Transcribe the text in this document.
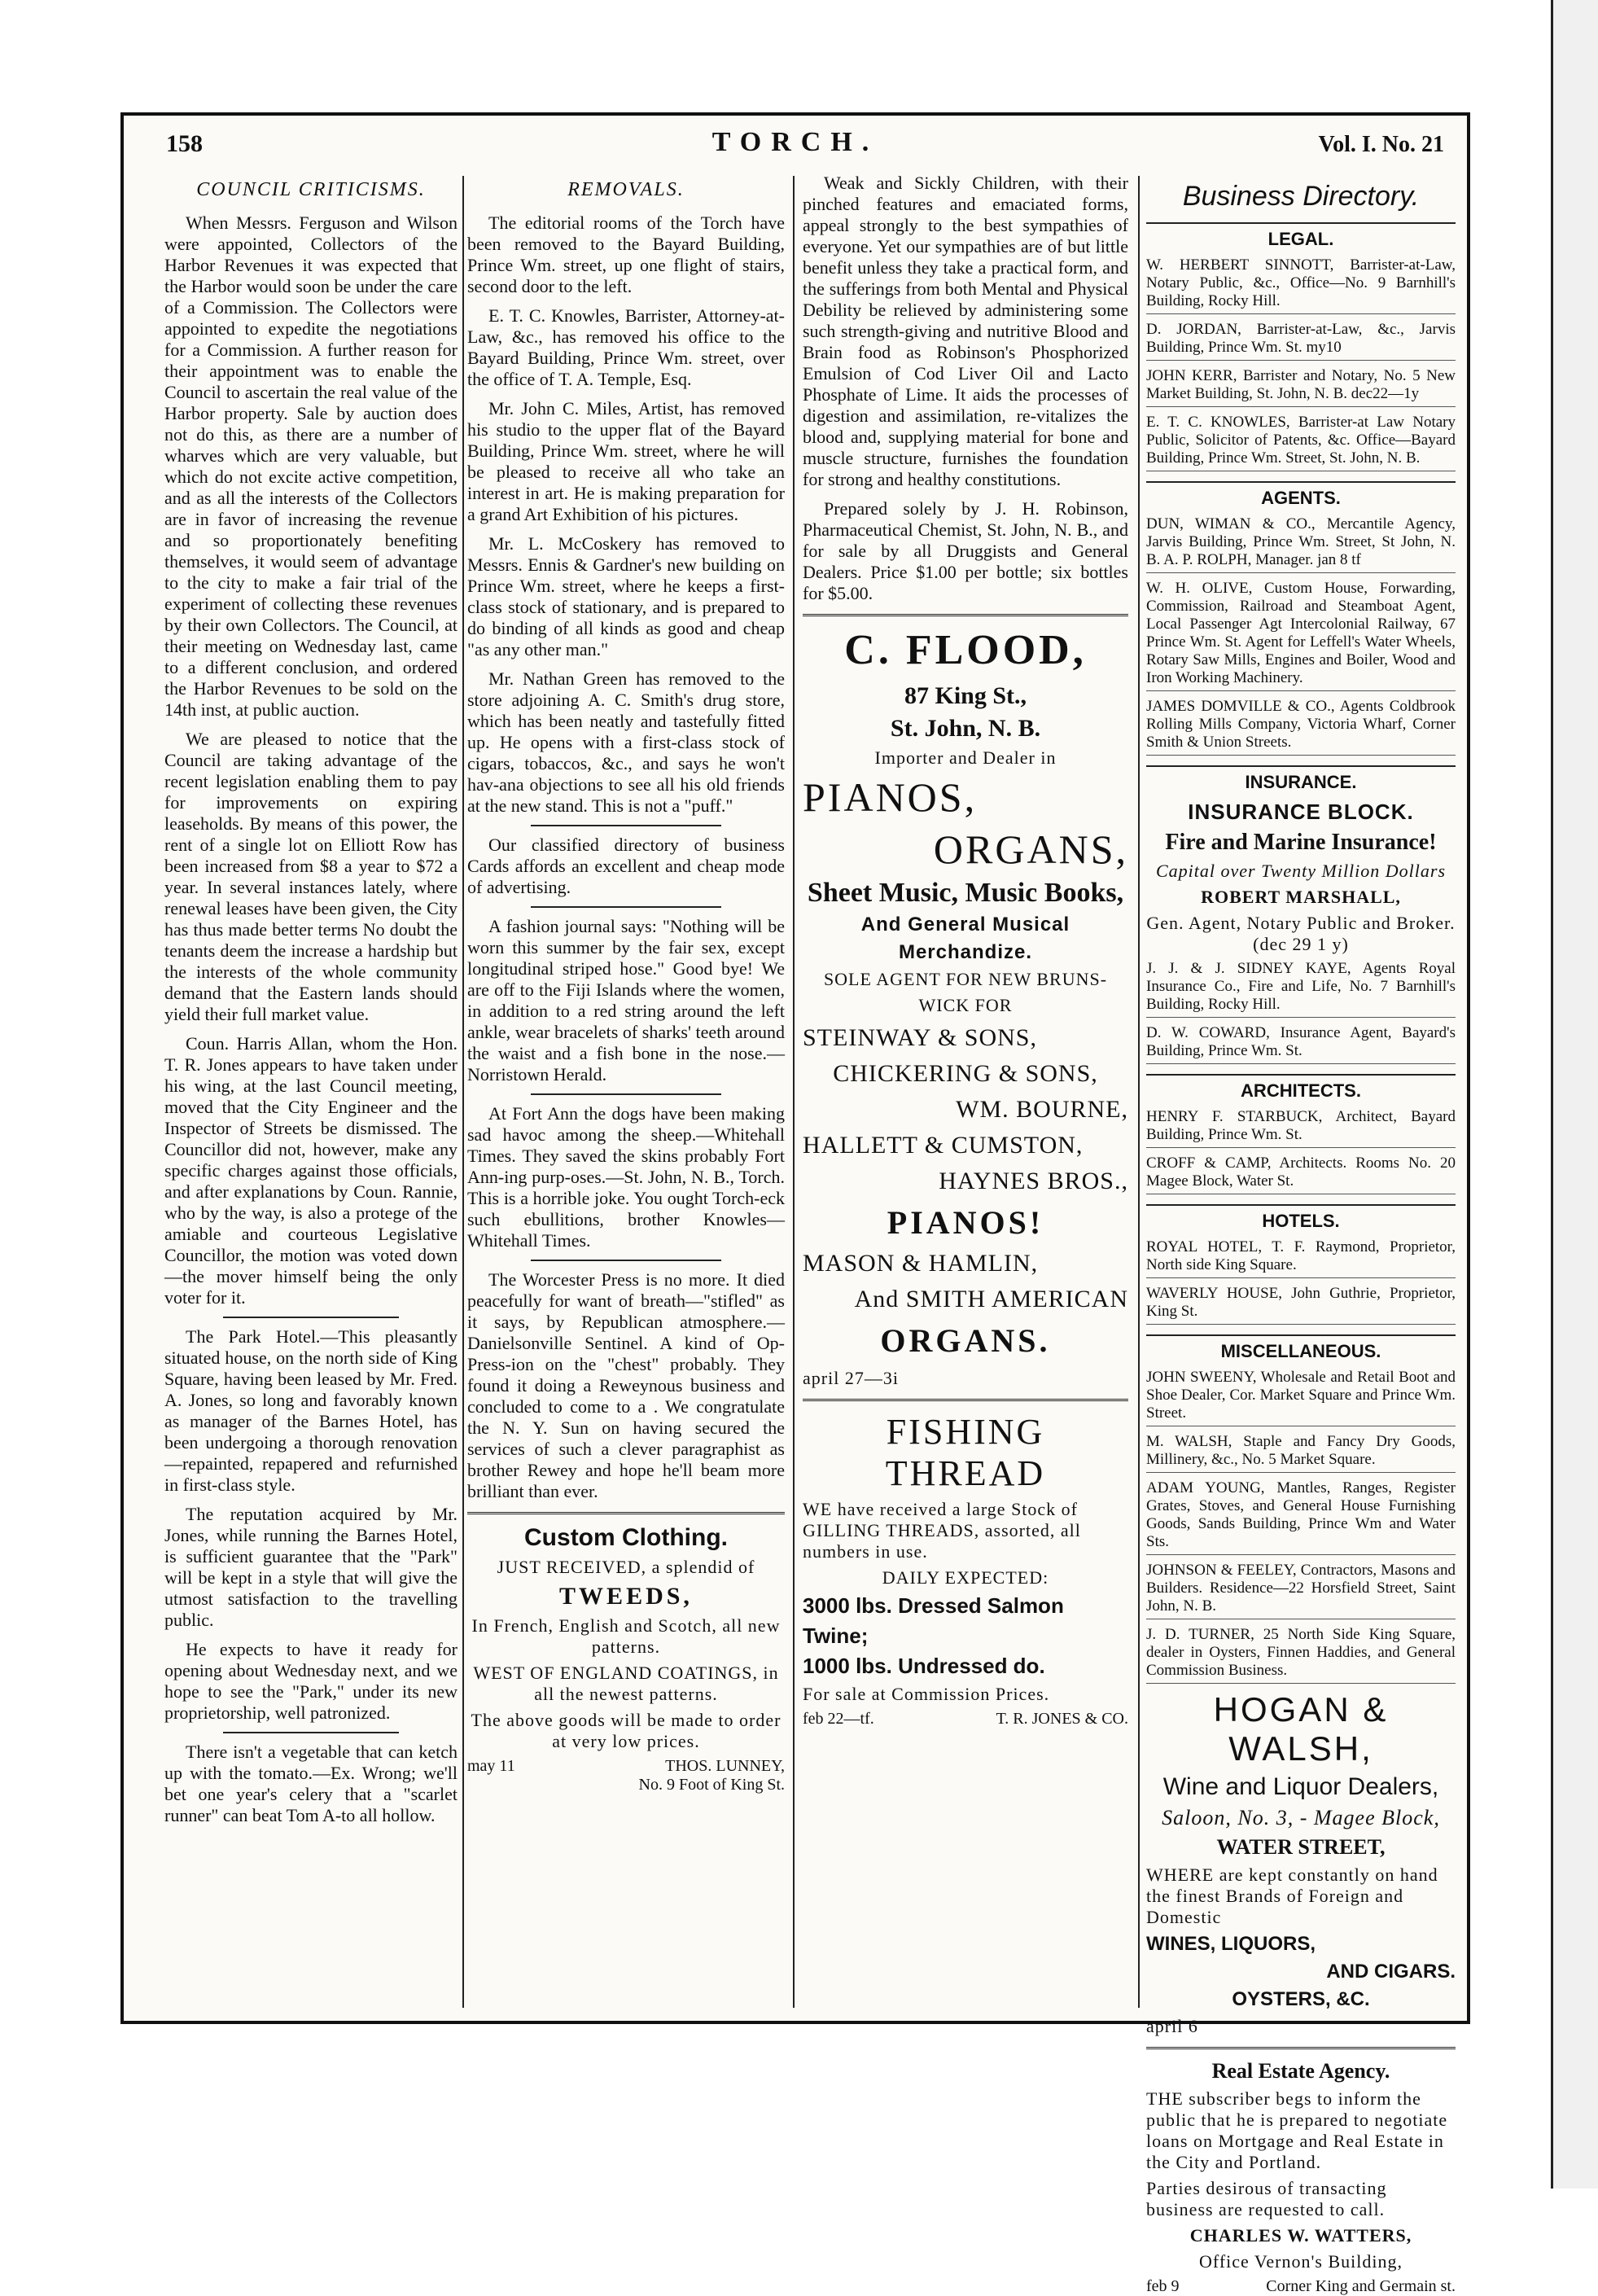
158	TORCH.	Vol. I. No. 21
COUNCIL CRITICISMS.

When Messrs. Ferguson and Wilson were appointed, Collectors of the Harbor Revenues it was expected that the Harbor would soon be under the care of a Commission. The Collectors were appointed to expedite the negotiations for a Commission. A further reason for their appointment was to enable the Council to ascertain the real value of the Harbor property. Sale by auction does not do this, as there are a number of wharves which are very valuable, but which do not excite active competition, and as all the interests of the Collectors are in favor of increasing the revenue and so proportionately benefiting themselves, it would seem of advantage to the city to make a fair trial of the experiment of collecting these revenues by their own Collectors. The Council, at their meeting on Wednesday last, came to a different conclusion, and ordered the Harbor Revenues to be sold on the 14th inst, at public auction.

We are pleased to notice that the Council are taking advantage of the recent legislation enabling them to pay for improvements on expiring leaseholds. By means of this power, the rent of a single lot on Elliott Row has been increased from $8 a year to $72 a year. In several instances lately, where renewal leases have been given, the City has thus made better terms No doubt the tenants deem the increase a hardship but the interests of the whole community demand that the Eastern lands should yield their full market value.

Coun. Harris Allan, whom the Hon. T. R. Jones appears to have taken under his wing, at the last Council meeting, moved that the City Engineer and the Inspector of Streets be dismissed. The Councillor did not, however, make any specific charges against those officials, and after explanations by Coun. Rannie, who by the way, is also a protege of the amiable and courteous Legislative Councillor, the motion was voted down—the mover himself being the only voter for it.

The Park Hotel.—This pleasantly situated house, on the north side of King Square, having been leased by Mr. Fred. A. Jones, so long and favorably known as manager of the Barnes Hotel, has been undergoing a thorough renovation—repainted, repapered and refurnished in first-class style.

The reputation acquired by Mr. Jones, while running the Barnes Hotel, is sufficient guarantee that the "Park" will be kept in a style that will give the utmost satisfaction to the travelling public.

He expects to have it ready for opening about Wednesday next, and we hope to see the "Park," under its new proprietorship, well patronized.

There isn't a vegetable that can ketch up with the tomato.—Ex. Wrong; we'll bet one year's celery that a "scarlet runner" can beat Tom A-to all hollow.

REMOVALS.

The editorial rooms of the Torch have been removed to the Bayard Building, Prince Wm. street, up one flight of stairs, second door to the left.

E. T. C. Knowles, Barrister, Attorney-at-Law, &c., has removed his office to the Bayard Building, Prince Wm. street, over the office of T. A. Temple, Esq.

Mr. John C. Miles, Artist, has removed his studio to the upper flat of the Bayard Building, Prince Wm. street, where he will be pleased to receive all who take an interest in art. He is making preparation for a grand Art Exhibition of his pictures.

Mr. L. McCoskery has removed to Messrs. Ennis & Gardner's new building on Prince Wm. street, where he keeps a first-class stock of stationary, and is prepared to do binding of all kinds as good and cheap "as any other man."

Mr. Nathan Green has removed to the store adjoining A. C. Smith's drug store, which has been neatly and tastefully fitted up. He opens with a first-class stock of cigars, tobaccos, &c., and says he won't hav-ana objections to see all his old friends at the new stand. This is not a "puff."

Our classified directory of business Cards affords an excellent and cheap mode of advertising.

A fashion journal says: "Nothing will be worn this summer by the fair sex, except longitudinal striped hose." Good bye! We are off to the Fiji Islands where the women, in addition to a red string around the left ankle, wear bracelets of sharks' teeth around the waist and a fish bone in the nose.—Norristown Herald.

At Fort Ann the dogs have been making sad havoc among the sheep.—Whitehall Times. They saved the skins probably Fort Ann-ing purp-oses.—St. John, N. B., Torch. This is a horrible joke. You ought Torch-eck such ebullitions, brother Knowles—Whitehall Times.

The Worcester Press is no more. It died peacefully for want of breath—"stifled" as it says, by Republican atmosphere.—Danielsonville Sentinel. A kind of Op-Press-ion on the "chest" probably. They found it doing a Reweynous business and concluded to come to a . We congratulate the N. Y. Sun on having secured the services of such a clever paragraphist as brother Rewey and hope he'll beam more brilliant than ever.

Custom Clothing.
JUST RECEIVED, a splendid of
TWEEDS,
In French, English and Scotch, all new patterns.
WEST OF ENGLAND COATINGS, in all the newest patterns.
The above goods will be made to order at very low prices.
may 11	THOS. LUNNEY,
No. 9 Foot of King St.

Weak and Sickly Children, with their pinched features and emaciated forms, appeal strongly to the best sympathies of everyone. Yet our sympathies are of but little benefit unless they take a practical form, and the sufferings from both Mental and Physical Debility be relieved by administering some such strength-giving and nutritive Blood and Brain food as Robinson's Phosphorized Emulsion of Cod Liver Oil and Lacto Phosphate of Lime. It aids the processes of digestion and assimilation, re-vitalizes the blood and, supplying material for bone and muscle structure, furnishes the foundation for strong and healthy constitutions.

Prepared solely by J. H. Robinson, Pharmaceutical Chemist, St. John, N. B., and for sale by all Druggists and General Dealers. Price $1.00 per bottle; six bottles for $5.00.

C. FLOOD,
87 King St.,
St. John, N. B.
Importer and Dealer in
PIANOS,
ORGANS,
Sheet Music, Music Books,
And General Musical
Merchandize.
SOLE AGENT FOR NEW BRUNS-
WICK FOR
STEINWAY & SONS,
CHICKERING & SONS,
WM. BOURNE,
HALLETT & CUMSTON,
HAYNES BROS.,
PIANOS!
MASON & HAMLIN,
And SMITH AMERICAN
ORGANS.
april 27—3i
FISHING THREAD
WE have received a large Stock of GILLING THREADS, assorted, all numbers in use.
DAILY EXPECTED:
3000 lbs. Dressed Salmon
Twine;
1000 lbs. Undressed do.
For sale at Commission Prices.
feb 22—tf.	T. R. JONES & CO.
Business Directory.
LEGAL.
W. HERBERT SINNOTT, Barrister-at-Law, Notary Public, &c., Office—No. 9 Barnhill's Building, Rocky Hill.
D. JORDAN, Barrister-at-Law, &c., Jarvis Building, Prince Wm. St. my10
JOHN KERR, Barrister and Notary, No. 5 New Market Building, St. John, N. B. dec22—1y
E. T. C. KNOWLES, Barrister-at Law Notary Public, Solicitor of Patents, &c. Office—Bayard Building, Prince Wm. Street, St. John, N. B.
AGENTS.
DUN, WIMAN & CO., Mercantile Agency, Jarvis Building, Prince Wm. Street, St John, N. B. A. P. ROLPH, Manager. jan 8 tf
W. H. OLIVE, Custom House, Forwarding, Commission, Railroad and Steamboat Agent, Local Passenger Agt Intercolonial Railway, 67 Prince Wm. St. Agent for Leffell's Water Wheels, Rotary Saw Mills, Engines and Boiler, Wood and Iron Working Machinery.
JAMES DOMVILLE & CO., Agents Coldbrook Rolling Mills Company, Victoria Wharf, Corner Smith & Union Streets.
INSURANCE.
INSURANCE BLOCK.
Fire and Marine Insurance!
Capital over Twenty Million Dollars
ROBERT MARSHALL,
Gen. Agent, Notary Public and Broker. (dec 29 1 y)
J. J. & J. SIDNEY KAYE, Agents Royal Insurance Co., Fire and Life, No. 7 Barnhill's Building, Rocky Hill.
D. W. COWARD, Insurance Agent, Bayard's Building, Prince Wm. St.
ARCHITECTS.
HENRY F. STARBUCK, Architect, Bayard Building, Prince Wm. St.
CROFF & CAMP, Architects. Rooms No. 20 Magee Block, Water St.
HOTELS.
ROYAL HOTEL, T. F. Raymond, Proprietor, North side King Square.
WAVERLY HOUSE, John Guthrie, Proprietor, King St.
MISCELLANEOUS.
JOHN SWEENY, Wholesale and Retail Boot and Shoe Dealer, Cor. Market Square and Prince Wm. Street.
M. WALSH, Staple and Fancy Dry Goods, Millinery, &c., No. 5 Market Square.
ADAM YOUNG, Mantles, Ranges, Register Grates, Stoves, and General House Furnishing Goods, Sands Building, Prince Wm and Water Sts.
JOHNSON & FEELEY, Contractors, Masons and Builders. Residence—22 Horsfield Street, Saint John, N. B.
J. D. TURNER, 25 North Side King Square, dealer in Oysters, Finnen Haddies, and General Commission Business.
HOGAN & WALSH,
Wine and Liquor Dealers,
Saloon, No. 3, - Magee Block,
WATER STREET,
WHERE are kept constantly on hand the finest Brands of Foreign and Domestic
WINES, LIQUORS,
AND CIGARS.
OYSTERS, &C.
april 6
Real Estate Agency.
THE subscriber begs to inform the public that he is prepared to negotiate loans on Mortgage and Real Estate in the City and Portland.
Parties desirous of transacting business are requested to call.
CHARLES W. WATTERS,
Office Vernon's Building,
feb 9	Corner King and Germain st.
